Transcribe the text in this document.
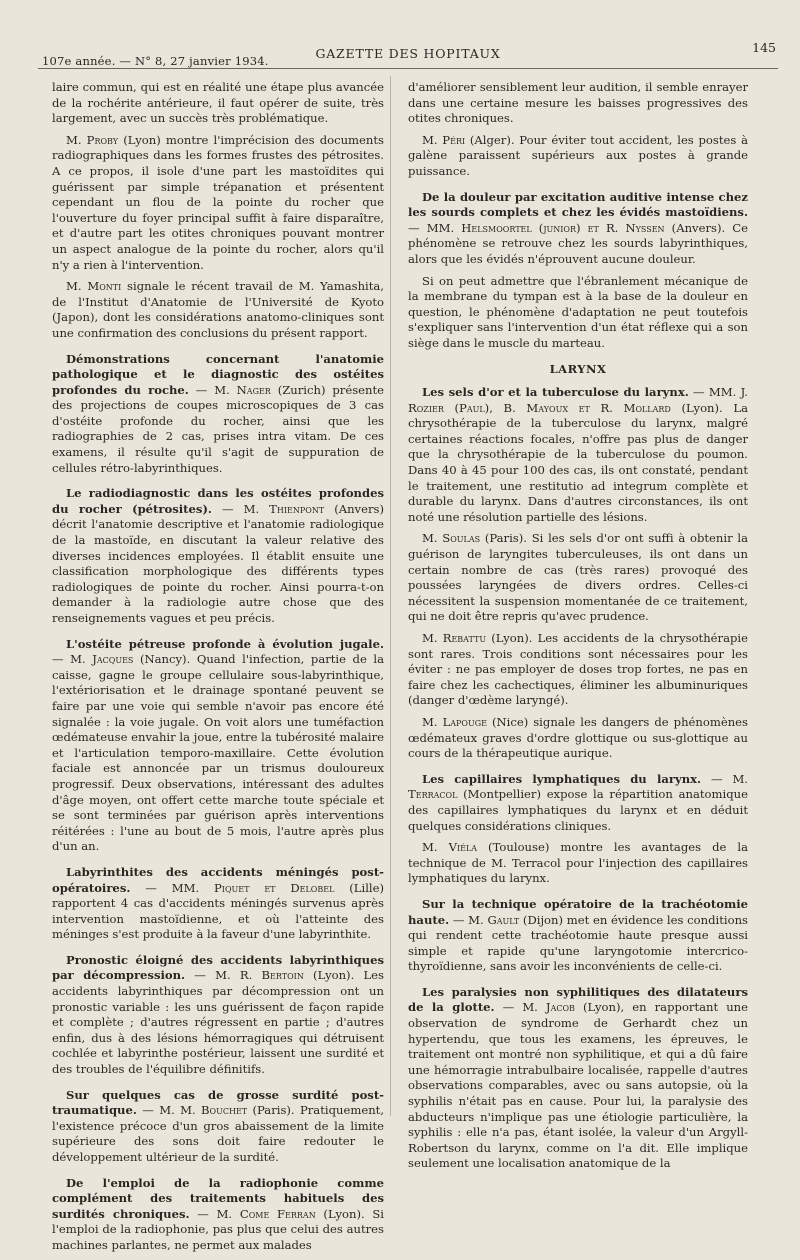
107e année. — N° 8, 27 janvier 1934.	GAZETTE DES HOPITAUX	145

laire commun, qui est en réalité une étape plus avancée de la rochérite antérieure, il faut opérer de suite, très largement, avec un succès très problématique.

M. Proby (Lyon) montre l'imprécision des documents radiographiques dans les formes frustes des pétrosites. A ce propos, il isole d'une part les mastoïdites qui guérissent par simple trépanation et présentent cependant un flou de la pointe du rocher que l'ouverture du foyer principal suffit à faire disparaître, et d'autre part les otites chroniques pouvant montrer un aspect analogue de la pointe du rocher, alors qu'il n'y a rien à l'intervention.

M. Monti signale le récent travail de M. Yamashita, de l'Institut d'Anatomie de l'Université de Kyoto (Japon), dont les considérations anatomo-cliniques sont une confirmation des conclusions du présent rapport.

Démonstrations concernant l'anatomie pathologique et le diagnostic des ostéites profondes du roche. — M. Nager (Zurich) présente des projections de coupes microscopiques de 3 cas d'ostéite profonde du rocher, ainsi que les radiographies de 2 cas, prises intra vitam. De ces examens, il résulte qu'il s'agit de suppuration de cellules rétro-labyrinthiques.

Le radiodiagnostic dans les ostéites profondes du rocher (pétrosites). — M. Thienpont (Anvers) décrit l'anatomie descriptive et l'anatomie radiologique de la mastoïde, en discutant la valeur relative des diverses incidences employées. Il établit ensuite une classification morphologique des différents types radiologiques de pointe du rocher. Ainsi pourra-t-on demander à la radiologie autre chose que des renseignements vagues et peu précis.

L'ostéite pétreuse profonde à évolution jugale. — M. Jacques (Nancy). Quand l'infection, partie de la caisse, gagne le groupe cellulaire sous-labyrinthique, l'extériorisation et le drainage spontané peuvent se faire par une voie qui semble n'avoir pas encore été signalée : la voie jugale. On voit alors une tuméfaction œdémateuse envahir la joue, entre la tubérosité malaire et l'articulation temporo-maxillaire. Cette évolution faciale est annoncée par un trismus douloureux progressif. Deux observations, intéressant des adultes d'âge moyen, ont offert cette marche toute spéciale et se sont terminées par guérison après interventions réitérées : l'une au bout de 5 mois, l'autre après plus d'un an.

Labyrinthites des accidents méningés post-opératoires. — MM. Piquet et Delobel (Lille) rapportent 4 cas d'accidents méningés survenus après intervention mastoïdienne, et où l'atteinte des méninges s'est produite à la faveur d'une labyrinthite.

Pronostic éloigné des accidents labyrinthiques par décompression. — M. R. Bertoin (Lyon). Les accidents labyrinthiques par décompression ont un pronostic variable : les uns guérissent de façon rapide et complète ; d'autres régressent en partie ; d'autres enfin, dus à des lésions hémorragiques qui détruisent cochlée et labyrinthe postérieur, laissent une surdité et des troubles de l'équilibre définitifs.

Sur quelques cas de grosse surdité post-traumatique. — M. M. Bouchet (Paris). Pratiquement, l'existence précoce d'un gros abaissement de la limite supérieure des sons doit faire redouter le développement ultérieur de la surdité.

De l'emploi de la radiophonie comme complément des traitements habituels des surdités chroniques. — M. Come Ferran (Lyon). Si l'emploi de la radiophonie, pas plus que celui des autres machines parlantes, ne permet aux malades

d'améliorer sensiblement leur audition, il semble enrayer dans une certaine mesure les baisses progressives des otites chroniques.

M. Péri (Alger). Pour éviter tout accident, les postes à galène paraissent supérieurs aux postes à grande puissance.

De la douleur par excitation auditive intense chez les sourds complets et chez les évidés mastoïdiens. — MM. Helsmoortel (junior) et R. Nyssen (Anvers). Ce phénomène se retrouve chez les sourds labyrinthiques, alors que les évidés n'éprouvent aucune douleur.

Si on peut admettre que l'ébranlement mécanique de la membrane du tympan est à la base de la douleur en question, le phénomène d'adaptation ne peut toutefois s'expliquer sans l'intervention d'un état réflexe qui a son siège dans le muscle du marteau.

LARYNX

Les sels d'or et la tuberculose du larynx. — MM. J. Rozier (Paul), B. Mayoux et R. Mollard (Lyon). La chrysothérapie de la tuberculose du larynx, malgré certaines réactions focales, n'offre pas plus de danger que la chrysothérapie de la tuberculose du poumon. Dans 40 à 45 pour 100 des cas, ils ont constaté, pendant le traitement, une restitutio ad integrum complète et durable du larynx. Dans d'autres circonstances, ils ont noté une résolution partielle des lésions.

M. Soulas (Paris). Si les sels d'or ont suffi à obtenir la guérison de laryngites tuberculeuses, ils ont dans un certain nombre de cas (très rares) provoqué des poussées laryngées de divers ordres. Celles-ci nécessitent la suspension momentanée de ce traitement, qui ne doit être repris qu'avec prudence.

M. Rebattu (Lyon). Les accidents de la chrysothérapie sont rares. Trois conditions sont nécessaires pour les éviter : ne pas employer de doses trop fortes, ne pas en faire chez les cachectiques, éliminer les albuminuriques (danger d'œdème laryngé).

M. Lapouge (Nice) signale les dangers de phénomènes œdémateux graves d'ordre glottique ou sus-glottique au cours de la thérapeutique aurique.

Les capillaires lymphatiques du larynx. — M. Terracol (Montpellier) expose la répartition anatomique des capillaires lymphatiques du larynx et en déduit quelques considérations cliniques.

M. Viéla (Toulouse) montre les avantages de la technique de M. Terracol pour l'injection des capillaires lymphatiques du larynx.

Sur la technique opératoire de la trachéotomie haute. — M. Gault (Dijon) met en évidence les conditions qui rendent cette trachéotomie haute presque aussi simple et rapide qu'une laryngotomie intercrico-thyroïdienne, sans avoir les inconvénients de celle-ci.

Les paralysies non syphilitiques des dilatateurs de la glotte. — M. Jacob (Lyon), en rapportant une observation de syndrome de Gerhardt chez un hypertendu, que tous les examens, les épreuves, le traitement ont montré non syphilitique, et qui a dû faire une hémorragie intrabulbaire localisée, rappelle d'autres observations comparables, avec ou sans autopsie, où la syphilis n'était pas en cause. Pour lui, la paralysie des abducteurs n'implique pas une étiologie particulière, la syphilis : elle n'a pas, étant isolée, la valeur d'un Argyll-Robertson du larynx, comme on l'a dit. Elle implique seulement une localisation anatomique de la
